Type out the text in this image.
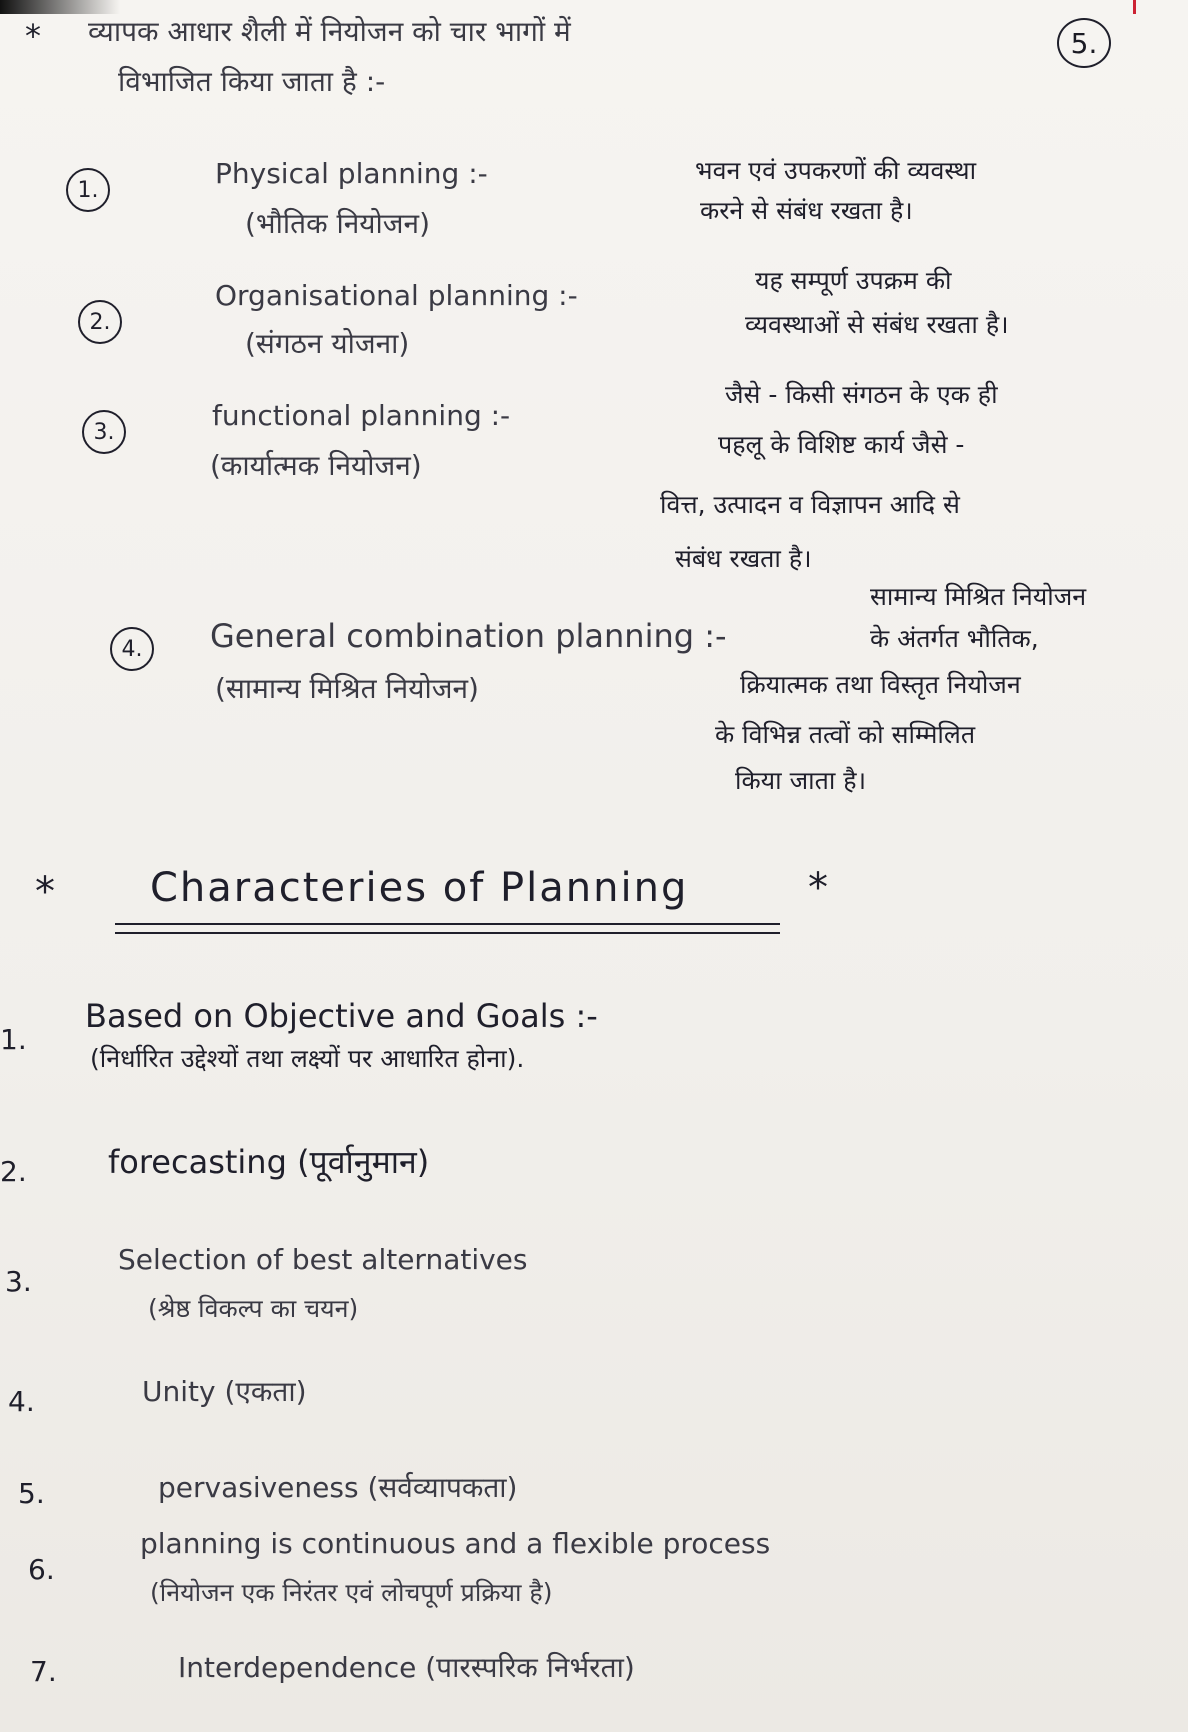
* व्यापक आधार शैली में नियोजन को चार भागों में
विभाजित किया जाता है :-
5.
1.	Physical planning :-
(भौतिक नियोजन)
भवन एवं उपकरणों की व्यवस्था
करने से संबंध रखता है।
2.
Organisational planning :-
(संगठन योजना)
यह सम्पूर्ण उपक्रम की
व्यवस्थाओं से संबंध रखता है।
3.	functional planning :-
(कार्यात्मक नियोजन)
जैसे - किसी संगठन के एक ही
पहलू के विशिष्ट कार्य जैसे -
वित्त, उत्पादन व विज्ञापन आदि से
संबंध रखता है।
4.	General combination planning :-
(सामान्य मिश्रित नियोजन)
सामान्य मिश्रित नियोजन
के अंतर्गत भौतिक,
क्रियात्मक तथा विस्तृत नियोजन
के विभिन्न तत्वों को सम्मिलित
किया जाता है।
* Characteries of Planning	*
1.
Based on Objective and Goals :-
(निर्धारित उद्देश्यों तथा लक्ष्यों पर आधारित होना).
2.	forecasting (पूर्वानुमान)
3.
Selection of best alternatives
(श्रेष्ठ विकल्प का चयन)
4.	Unity (एकता)
5.	pervasiveness (सर्वव्यापकता)
6.
planning is continuous and a flexible process
(नियोजन एक निरंतर एवं लोचपूर्ण प्रक्रिया है)
7.	Interdependence (पारस्परिक निर्भरता)
